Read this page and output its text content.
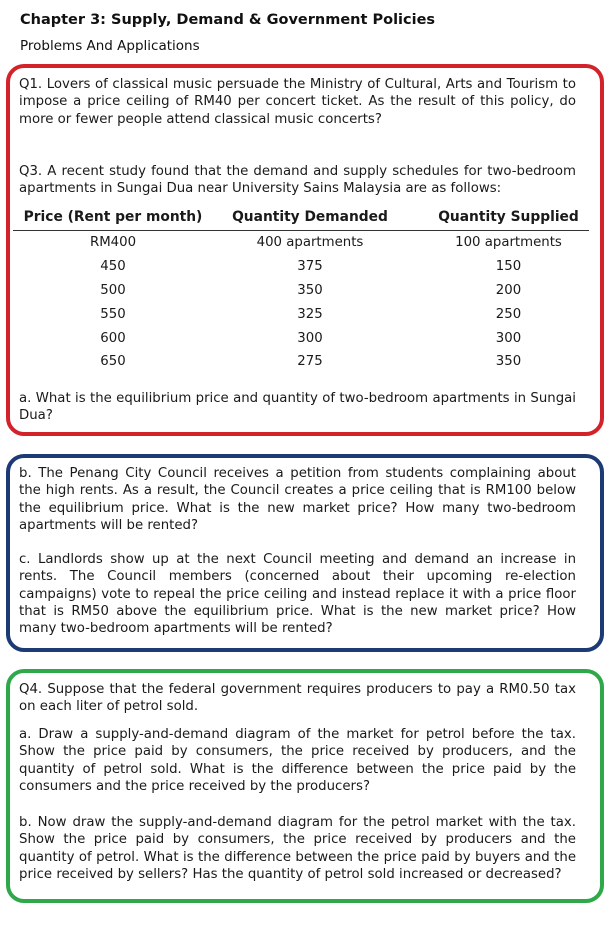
Chapter 3: Supply, Demand & Government Policies
Problems And Applications
Q1. Lovers of classical music persuade the Ministry of Cultural, Arts and Tourism to impose a price ceiling of RM40 per concert ticket. As the result of this policy, do more or fewer people attend classical music concerts?
Q3. A recent study found that the demand and supply schedules for two-bedroom apartments in Sungai Dua near University Sains Malaysia are as follows:
Price (Rent per month)	Quantity Demanded	Quantity Supplied
RM400	400 apartments	100 apartments
450	375	150
500	350	200
550	325	250
600	300	300
650	275	350
a. What is the equilibrium price and quantity of two-bedroom apartments in Sungai Dua?
b. The Penang City Council receives a petition from students complaining about the high rents. As a result, the Council creates a price ceiling that is RM100 below the equilibrium price. What is the new market price? How many two-bedroom apartments will be rented?
c. Landlords show up at the next Council meeting and demand an increase in rents. The Council members (concerned about their upcoming re-election campaigns) vote to repeal the price ceiling and instead replace it with a price floor that is RM50 above the equilibrium price. What is the new market price? How many two-bedroom apartments will be rented?
Q4. Suppose that the federal government requires producers to pay a RM0.50 tax on each liter of petrol sold.
a. Draw a supply-and-demand diagram of the market for petrol before the tax. Show the price paid by consumers, the price received by producers, and the quantity of petrol sold. What is the difference between the price paid by the consumers and the price received by the producers?
b. Now draw the supply-and-demand diagram for the petrol market with the tax. Show the price paid by consumers, the price received by producers and the quantity of petrol. What is the difference between the price paid by buyers and the price received by sellers? Has the quantity of petrol sold increased or decreased?
